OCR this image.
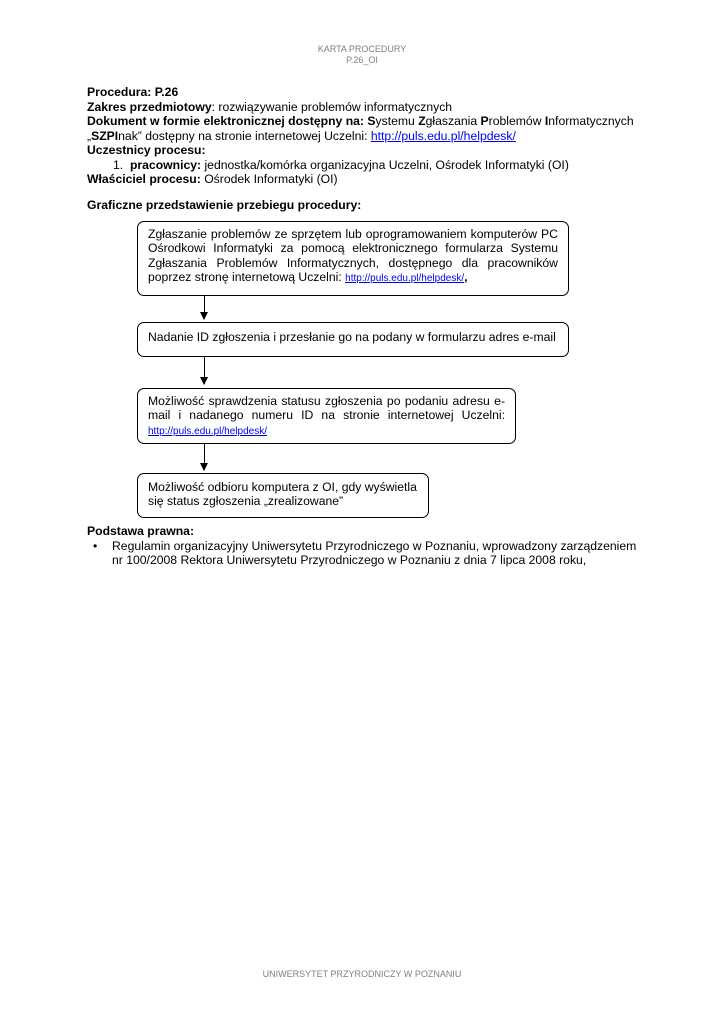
KARTA PROCEDURY
P.26_OI

Procedura: P.26

Zakres przedmiotowy: rozwiązywanie problemów informatycznych

Dokument w formie elektronicznej dostępny na: Systemu Zgłaszania Problemów Informatycznych

„SZPInak” dostępny na stronie internetowej Uczelni: http://puls.edu.pl/helpdesk/

Uczestnicy procesu:

1. pracownicy: jednostka/komórka organizacyjna Uczelni, Ośrodek Informatyki (OI)

Właściciel procesu: Ośrodek Informatyki (OI)

Graficzne przedstawienie przebiegu procedury:
Zgłaszanie problemów ze sprzętem lub oprogramowaniem komputerów PC Ośrodkowi Informatyki za pomocą elektronicznego formularza Systemu Zgłaszania Problemów Informatycznych, dostępnego dla pracowników poprzez stronę internetową Uczelni: http://puls.edu.pl/helpdesk/,
Nadanie ID zgłoszenia i przesłanie go na podany w formularzu adres e-mail
Możliwość sprawdzenia statusu zgłoszenia po podaniu adresu e-mail i nadanego numeru ID na stronie internetowej Uczelni: http://puls.edu.pl/helpdesk/
Możliwość odbioru komputera z OI, gdy wyświetla się status zgłoszenia „zrealizowane”

Podstawa prawna:

• Regulamin organizacyjny Uniwersytetu Przyrodniczego w Poznaniu, wprowadzony zarządzeniem nr 100/2008 Rektora Uniwersytetu Przyrodniczego w Poznaniu z dnia 7 lipca 2008 roku,
UNIWERSYTET PRZYRODNICZY W POZNANIU
